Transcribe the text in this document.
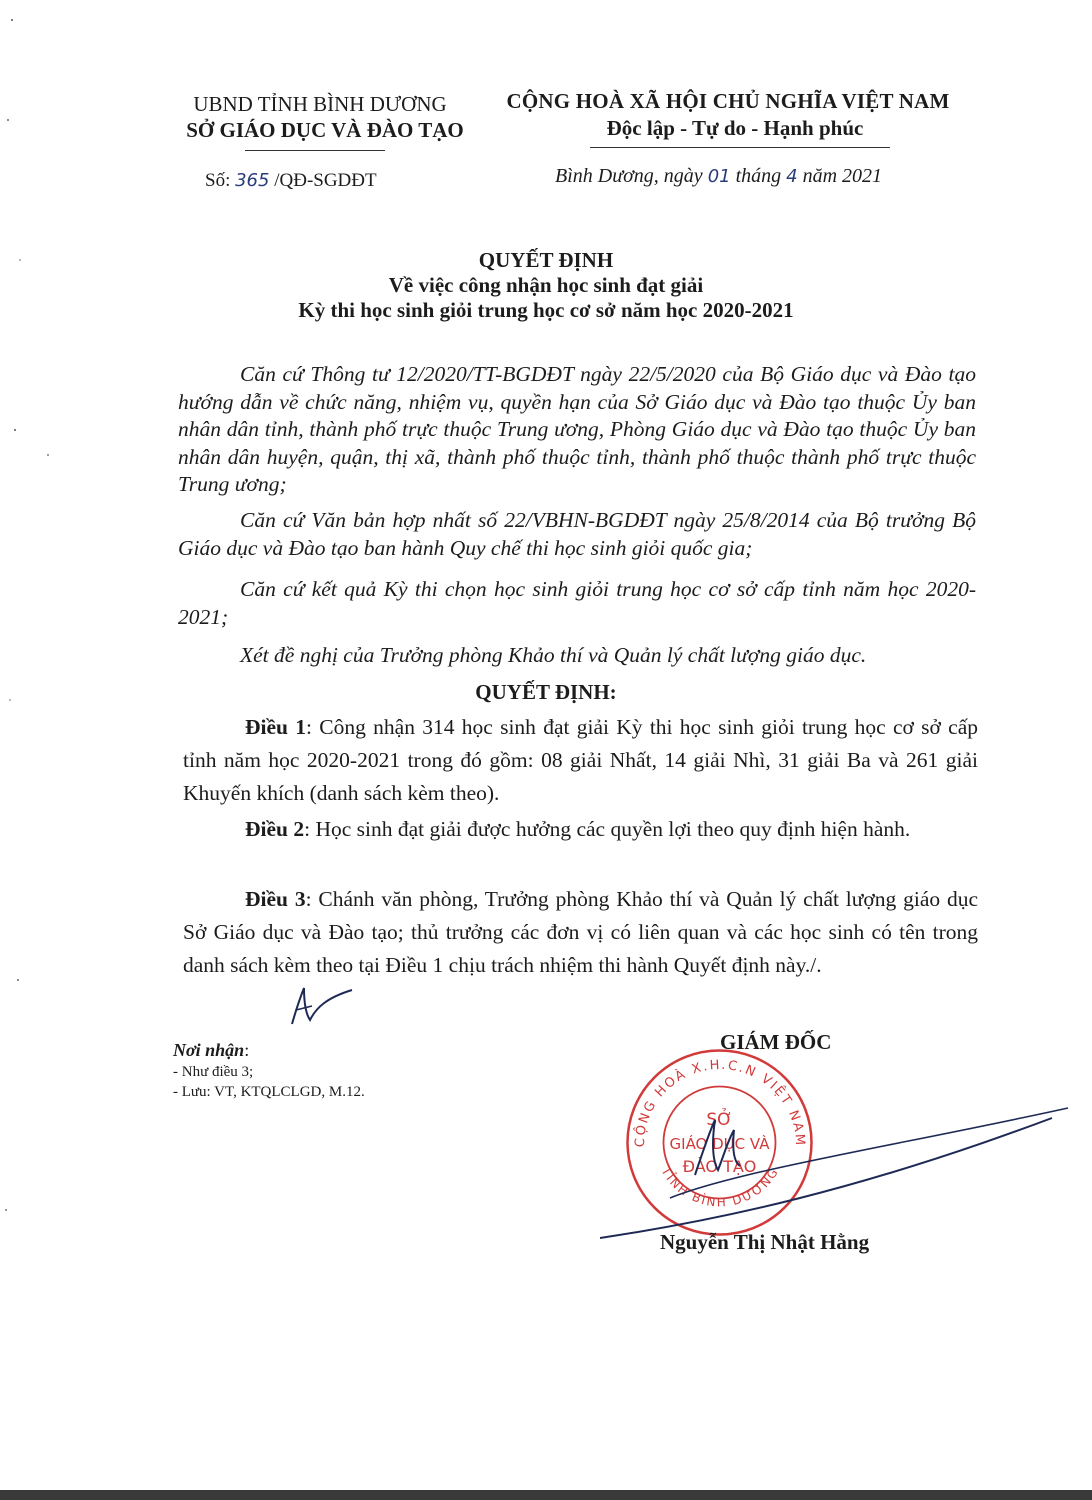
UBND TỈNH BÌNH DƯƠNG
SỞ GIÁO DỤC VÀ ĐÀO TẠO
CỘNG HOÀ XÃ HỘI CHỦ NGHĨA VIỆT NAM
Độc lập - Tự do - Hạnh phúc
Số: 365 /QĐ-SGDĐT	Bình Dương, ngày 01 tháng 4 năm 2021
QUYẾT ĐỊNH
Về việc công nhận học sinh đạt giải
Kỳ thi học sinh giỏi trung học cơ sở năm học 2020-2021

Căn cứ Thông tư 12/2020/TT-BGDĐT ngày 22/5/2020 của Bộ Giáo dục và Đào tạo hướng dẫn về chức năng, nhiệm vụ, quyền hạn của Sở Giáo dục và Đào tạo thuộc Ủy ban nhân dân tỉnh, thành phố trực thuộc Trung ương, Phòng Giáo dục và Đào tạo thuộc Ủy ban nhân dân huyện, quận, thị xã, thành phố thuộc tỉnh, thành phố thuộc thành phố trực thuộc Trung ương;

Căn cứ Văn bản hợp nhất số 22/VBHN-BGDĐT ngày 25/8/2014 của Bộ trưởng Bộ Giáo dục và Đào tạo ban hành Quy chế thi học sinh giỏi quốc gia;

Căn cứ kết quả Kỳ thi chọn học sinh giỏi trung học cơ sở cấp tỉnh năm học 2020-2021;

Xét đề nghị của Trưởng phòng Khảo thí và Quản lý chất lượng giáo dục.

QUYẾT ĐỊNH:

Điều 1: Công nhận 314 học sinh đạt giải Kỳ thi học sinh giỏi trung học cơ sở cấp tỉnh năm học 2020-2021 trong đó gồm: 08 giải Nhất, 14 giải Nhì, 31 giải Ba và 261 giải Khuyến khích (danh sách kèm theo).

Điều 2: Học sinh đạt giải được hưởng các quyền lợi theo quy định hiện hành.

Điều 3: Chánh văn phòng, Trưởng phòng Khảo thí và Quản lý chất lượng giáo dục Sở Giáo dục và Đào tạo; thủ trưởng các đơn vị có liên quan và các học sinh có tên trong danh sách kèm theo tại Điều 1 chịu trách nhiệm thi hành Quyết định này./.

Nơi nhận:
- Như điều 3;
- Lưu: VT, KTQLCLGD, M.12.
GIÁM ĐỐC
CỘNG HOÀ X.H.C.N VIỆT NAM
TỈNH BÌNH DƯƠNG
SỞ
GIÁO DỤC VÀ
ĐÀO TẠO
Nguyễn Thị Nhật Hằng
